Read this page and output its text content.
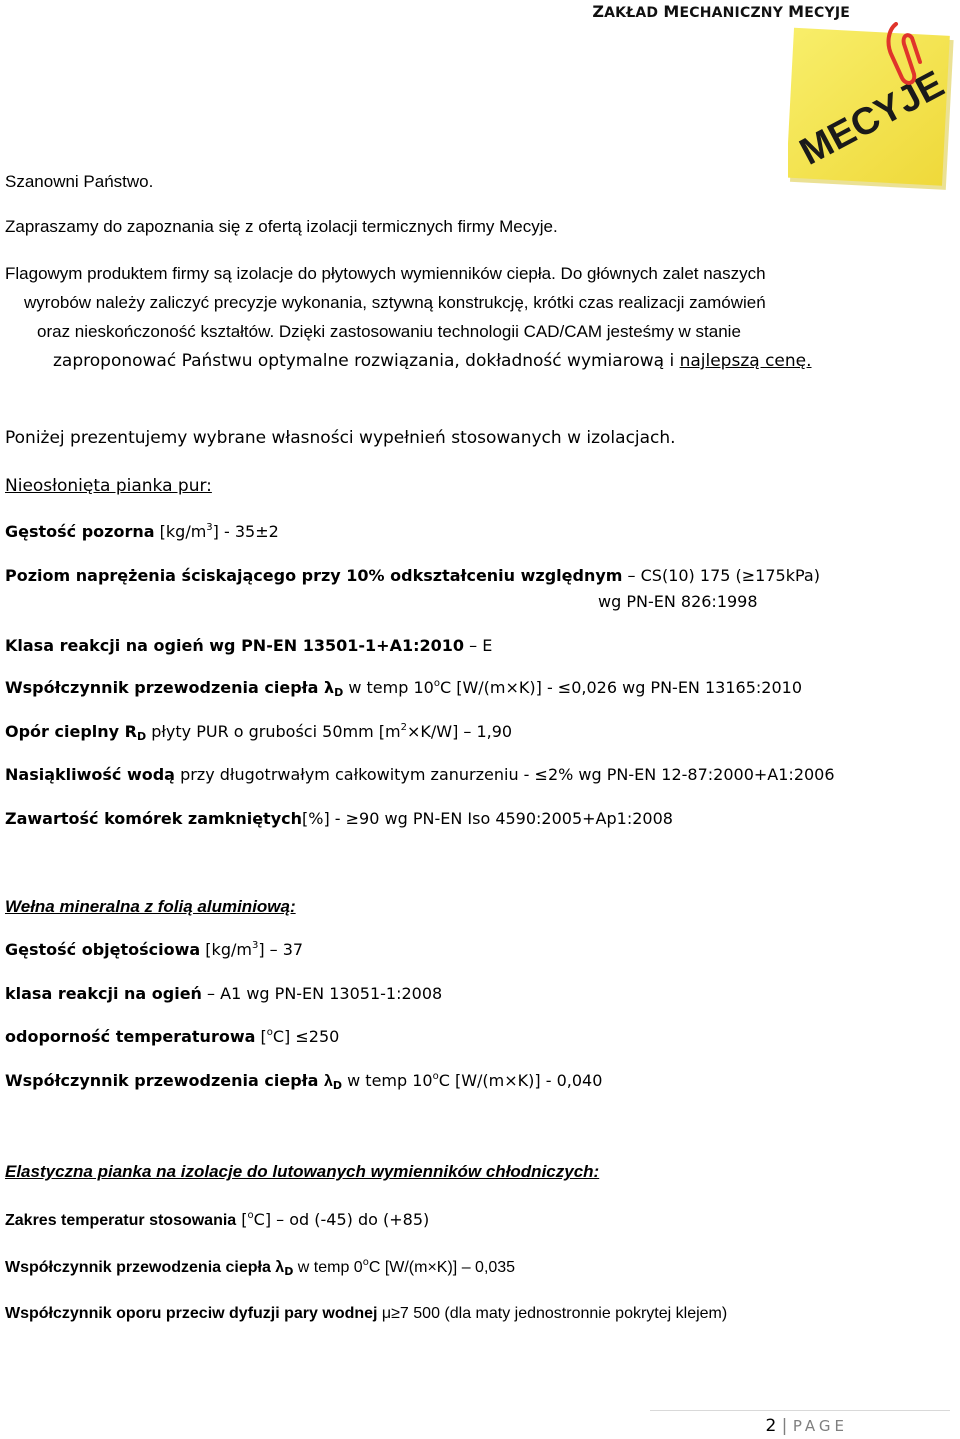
ZAKŁAD MECHANICZNY MECYJE
MECYJE
Szanowni Państwo.
Zapraszamy do zapoznania się z ofertą izolacji termicznych firmy Mecyje.
Flagowym produktem firmy są izolacje do płytowych wymienników ciepła. Do głównych zalet naszych
wyrobów należy zaliczyć precyzje wykonania, sztywną konstrukcję, krótki czas realizacji zamówień
oraz nieskończoność kształtów. Dzięki zastosowaniu technologii CAD/CAM jesteśmy w stanie
zaproponować Państwu optymalne rozwiązania, dokładność wymiarową i najlepszą cenę.
Poniżej prezentujemy wybrane własności wypełnień stosowanych w izolacjach.
Nieosłonięta pianka pur:
Gęstość pozorna $[kg/m^3] - 35\pm 2$
Poziom naprężenia ściskającego przy 10% odkształceniu względnym – CS(10) 175 (≥175kPa)
wg PN-EN 826:1998
Klasa reakcji na ogień wg PN-EN 13501-1+A1:2010 – E
Współczynnik przewodzenia ciepła $\lambda_D$ w temp 10$^o$C [W/(m×K)] - ≤0,026 wg PN-EN 13165:2010
Opór cieplny $R_D$ płyty PUR o grubości 50mm $[m^2\times K/W] - 1,90$
Nasiąkliwość wodą przy długotrwałym całkowitym zanurzeniu - ≤2% wg PN-EN 12-87:2000+A1:2006
Zawartość komórek zamkniętych[%] - ≥90 wg PN-EN Iso 4590:2005+Ap1:2008
Wełna mineralna z folią aluminiową:
Gęstość objętościowa $[kg/m^3] - 37$
klasa reakcji na ogień – A1 wg PN-EN 13051-1:2008
odoporność temperaturowa [$^o$C] ≤250
Współczynnik przewodzenia ciepła $\lambda_D$ w temp 10$^o$C [W/(m×K)] - 0,040
Elastyczna pianka na izolacje do lutowanych wymienników chłodniczych:
Zakres temperatur stosowania [$^o$C] – od (-45) do (+85)
Współczynnik przewodzenia ciepła $\lambda_D$ w temp 0$^o$C [W/(m×K)] – 0,035
Współczynnik oporu przeciw dyfuzji pary wodnej μ≥7 500 (dla maty jednostronnie pokrytej klejem)
2 | PAGE
